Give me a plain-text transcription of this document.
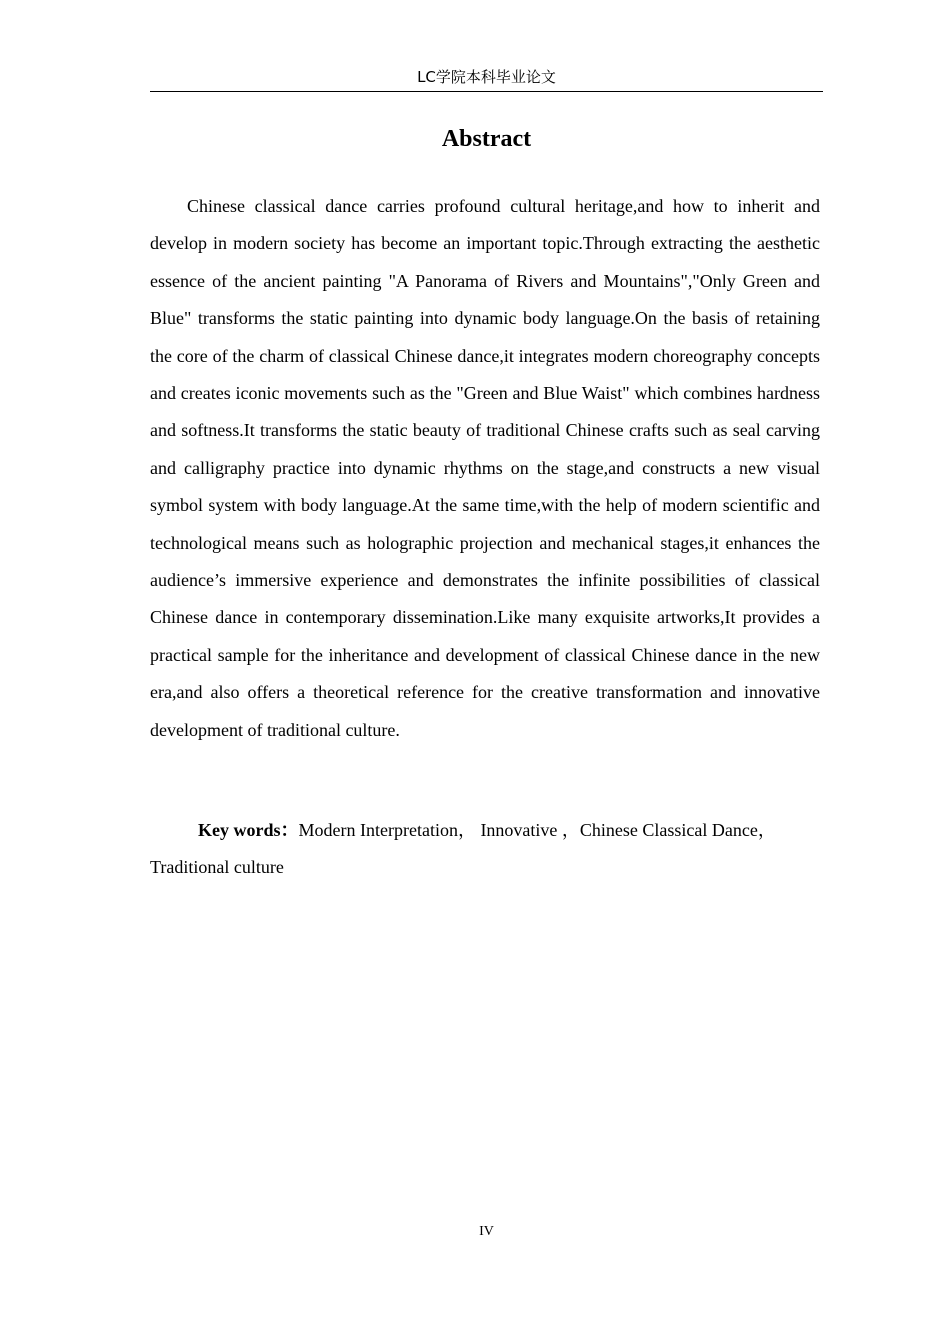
LC学院本科毕业论文
Abstract

Chinese classical dance carries profound cultural heritage,and how to inherit and develop in modern society has become an important topic.Through extracting the aesthetic essence of the ancient painting "A Panorama of Rivers and Mountains","Only Green and Blue" transforms the static painting into dynamic body language.On the basis of retaining the core of the charm of classical Chinese dance,it integrates modern choreography concepts and creates iconic movements such as the "Green and Blue Waist" which combines hardness and softness.It transforms the static beauty of traditional Chinese crafts such as seal carving and calligraphy practice into dynamic rhythms on the stage,and constructs a new visual symbol system with body language.At the same time,with the help of modern scientific and technological means such as holographic projection and mechanical stages,it enhances the audience’s immersive experience and demonstrates the infinite possibilities of classical Chinese dance in contemporary dissemination.Like many exquisite artworks,It provides a practical sample for the inheritance and development of classical Chinese dance in the new era,and also offers a theoretical reference for the creative transformation and innovative development of traditional culture.

Key words：Modern Interpretation， Innovative ，Chinese Classical Dance，Traditional culture

IV
